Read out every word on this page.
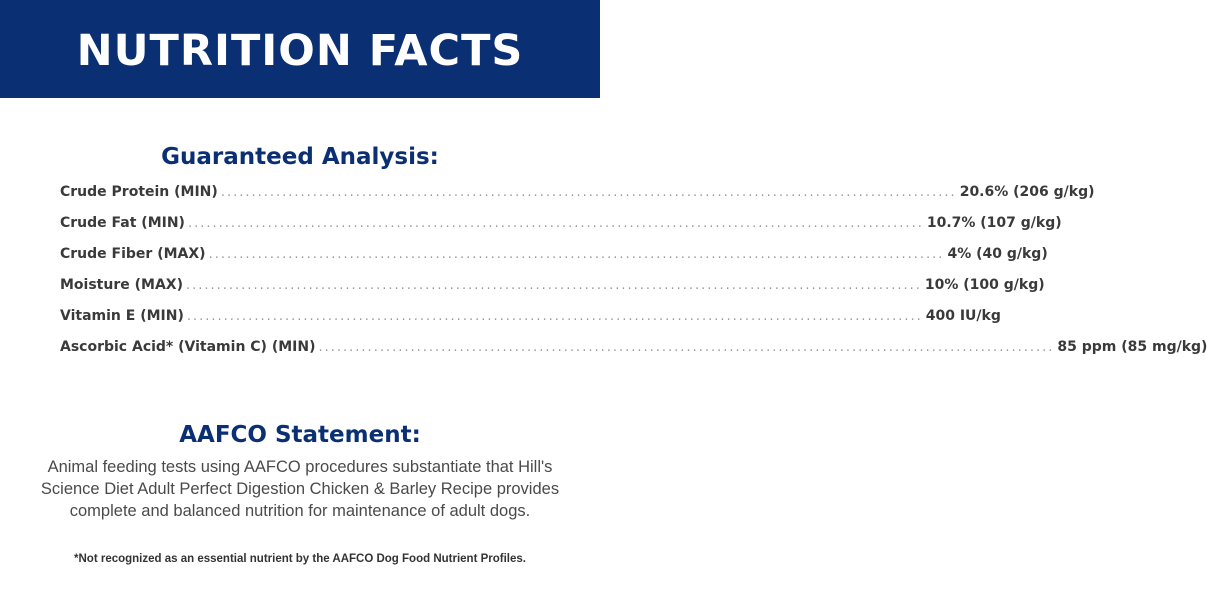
NUTRITION FACTS
Guaranteed Analysis:
Crude Protein (MIN) ........................................................................................................................ 20.6% (206 g/kg)
Crude Fat (MIN) ........................................................................................................................ 10.7% (107 g/kg)
Crude Fiber (MAX) ........................................................................................................................ 4% (40 g/kg)
Moisture (MAX) ........................................................................................................................ 10% (100 g/kg)
Vitamin E (MIN) ........................................................................................................................ 400 IU/kg
Ascorbic Acid* (Vitamin C) (MIN) ........................................................................................................................ 85 ppm (85 mg/kg)
AAFCO Statement:
Animal feeding tests using AAFCO procedures substantiate that Hill's Science Diet Adult Perfect Digestion Chicken & Barley Recipe provides complete and balanced nutrition for maintenance of adult dogs.
*Not recognized as an essential nutrient by the AAFCO Dog Food Nutrient Profiles.
